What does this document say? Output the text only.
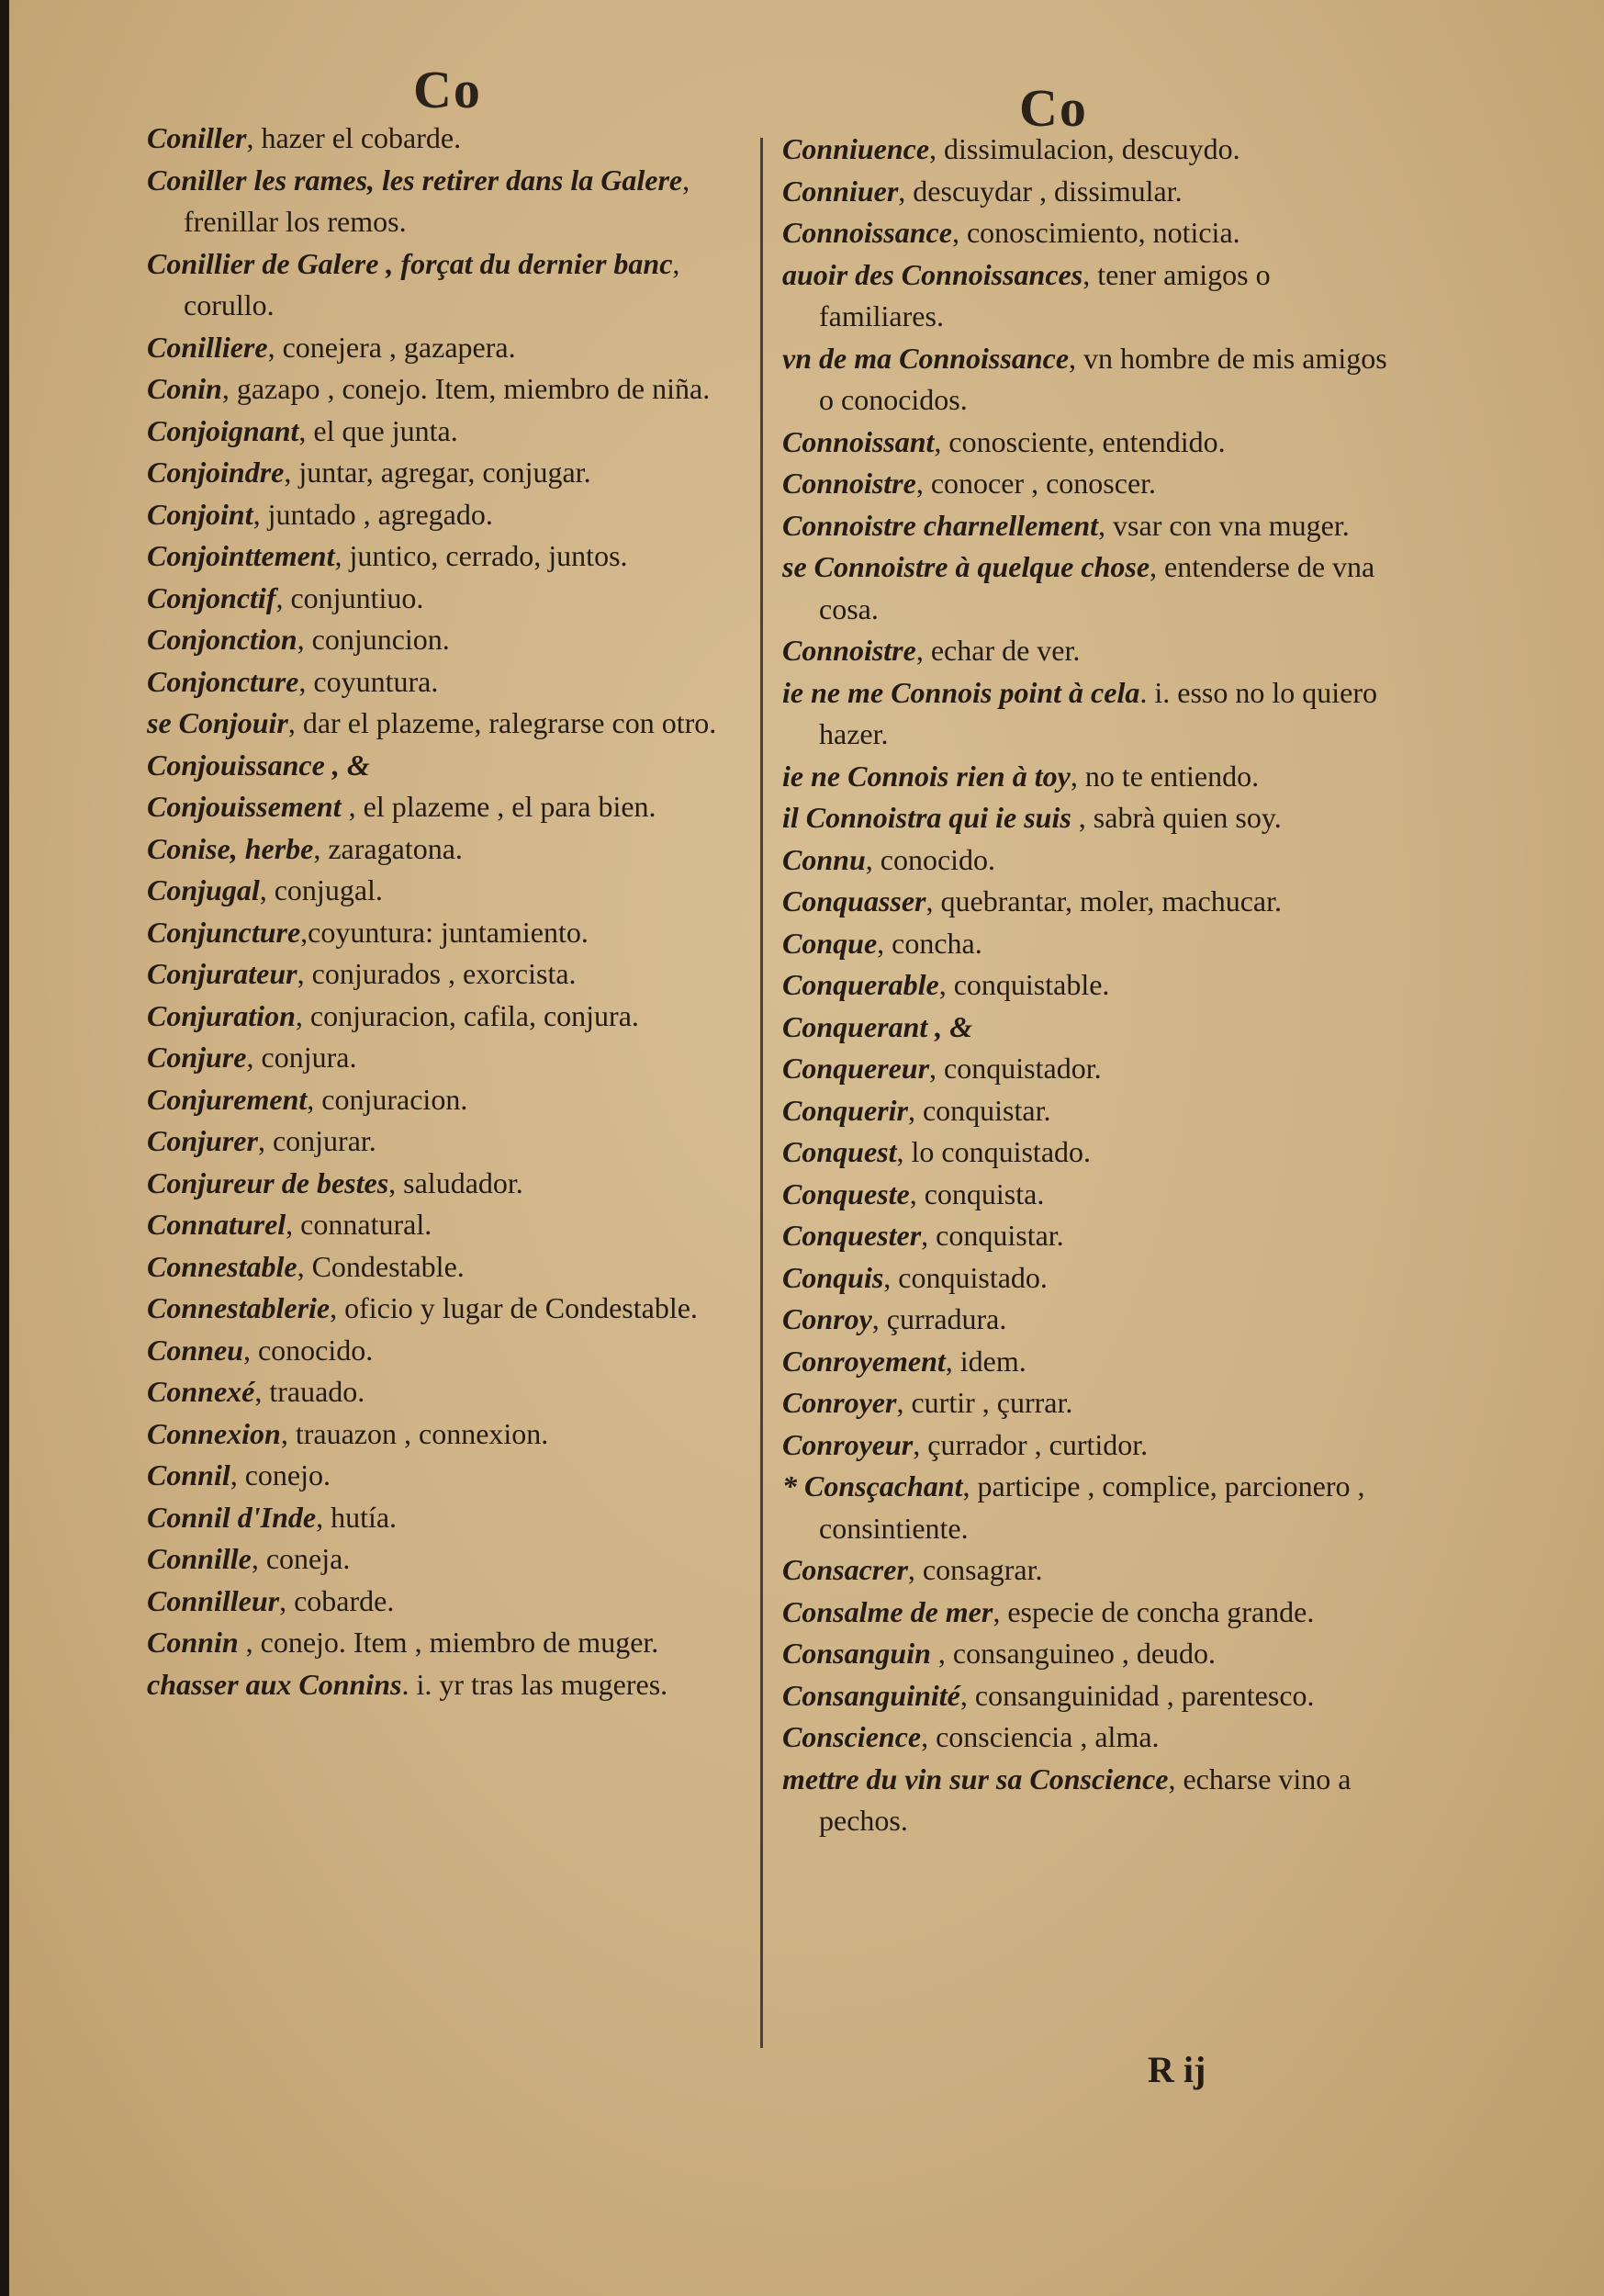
Co	Co
Coniller, hazer el cobarde.
Coniller les rames, les retirer dans la Galere, frenillar los remos.
Conillier de Galere , forçat du dernier banc, corullo.
Conilliere, conejera , gazapera.
Conin, gazapo , conejo. Item, miembro de niña.
Conjoignant, el que junta.
Conjoindre, juntar, agregar, conjugar.
Conjoint, juntado , agregado.
Conjointtement, juntico, cerrado, juntos.
Conjonctif, conjuntiuo.
Conjonction, conjuncion.
Conjoncture, coyuntura.
se Conjouir, dar el plazeme, ralegrarse con otro.
Conjouissance , &
Conjouissement , el plazeme , el para bien.
Conise, herbe, zaragatona.
Conjugal, conjugal.
Conjuncture,coyuntura: juntamiento.
Conjurateur, conjurados , exorcista.
Conjuration, conjuracion, cafila, conjura.
Conjure, conjura.
Conjurement, conjuracion.
Conjurer, conjurar.
Conjureur de bestes, saludador.
Connaturel, connatural.
Connestable, Condestable.
Connestablerie, oficio y lugar de Condestable.
Conneu, conocido.
Connexé, trauado.
Connexion, trauazon , connexion.
Connil, conejo.
Connil d'Inde, hutía.
Connille, coneja.
Connilleur, cobarde.
Connin , conejo. Item , miembro de muger.
chasser aux Connins. i. yr tras las mugeres.
Conniuence, dissimulacion, descuydo.
Conniuer, descuydar , dissimular.
Connoissance, conoscimiento, noticia.
auoir des Connoissances, tener amigos o familiares.
vn de ma Connoissance, vn hombre de mis amigos o conocidos.
Connoissant, conosciente, entendido.
Connoistre, conocer , conoscer.
Connoistre charnellement, vsar con vna muger.
se Connoistre à quelque chose, entenderse de vna cosa.
Connoistre, echar de ver.
ie ne me Connois point à cela. i. esso no lo quiero hazer.
ie ne Connois rien à toy, no te entiendo.
il Connoistra qui ie suis , sabrà quien soy.
Connu, conocido.
Conquasser, quebrantar, moler, machucar.
Conque, concha.
Conquerable, conquistable.
Conquerant , &
Conquereur, conquistador.
Conquerir, conquistar.
Conquest, lo conquistado.
Conqueste, conquista.
Conquester, conquistar.
Conquis, conquistado.
Conroy, çurradura.
Conroyement, idem.
Conroyer, curtir , çurrar.
Conroyeur, çurrador , curtidor.
* Consçachant, participe , complice, parcionero , consintiente.
Consacrer, consagrar.
Consalme de mer, especie de concha grande.
Consanguin , consanguineo , deudo.
Consanguinité, consanguinidad , parentesco.
Conscience, consciencia , alma.
mettre du vin sur sa Conscience, echarse vino a pechos.
R ij
